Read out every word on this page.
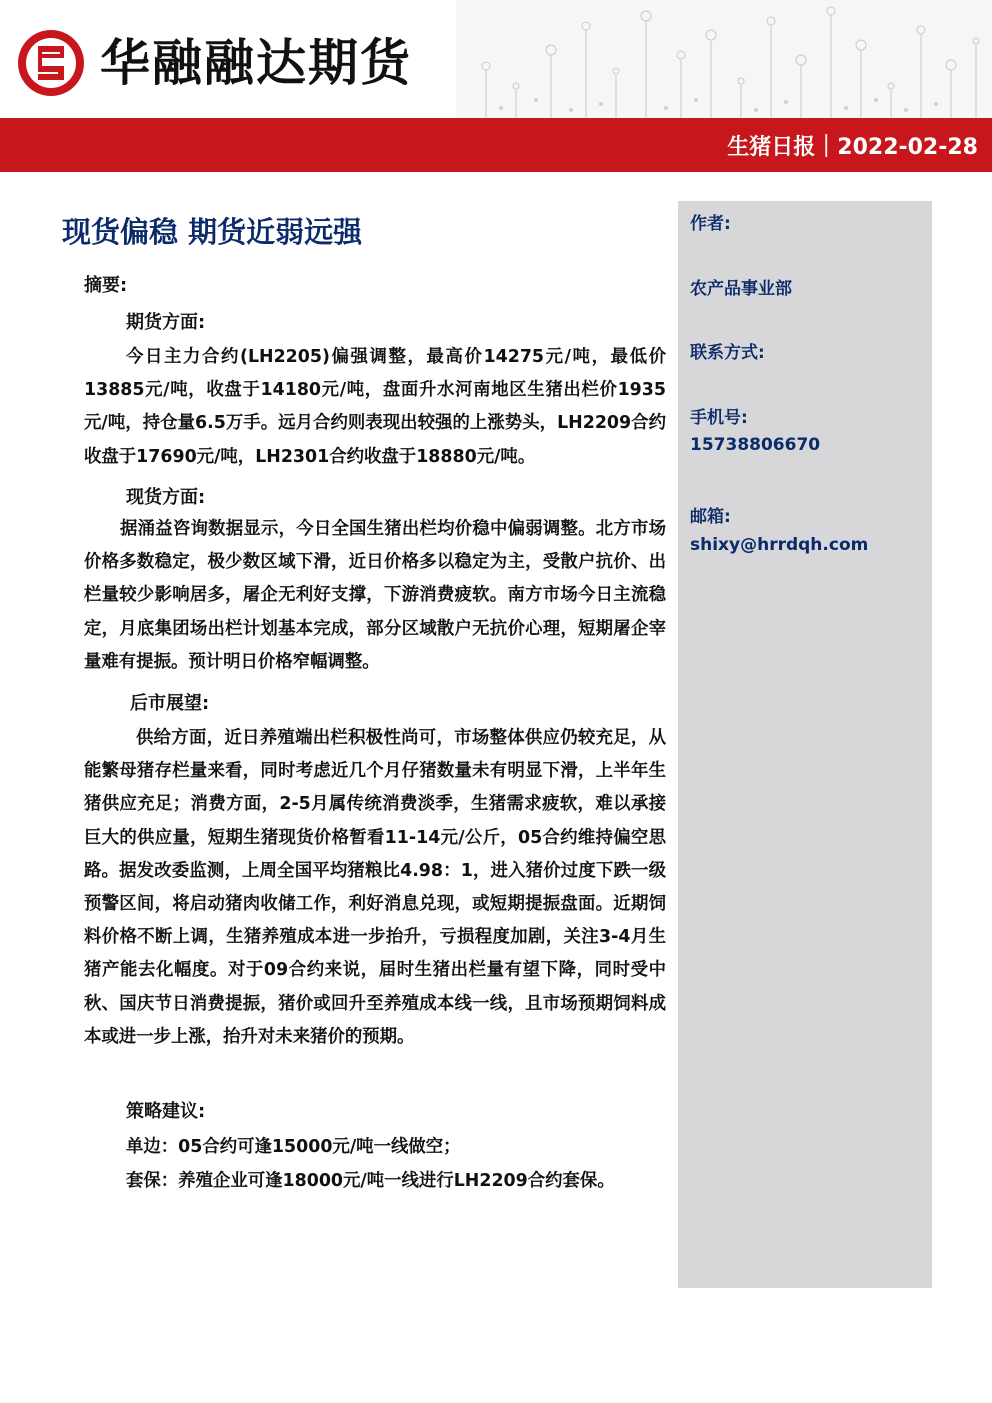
华融融达期货
生猪日报｜2022-02-28
作者:
农产品事业部
联系方式:
手机号:
15738806670
邮箱:
shixy@hrrdqh.com
现货偏稳 期货近弱远强
摘要:
期货方面:

今日主力合约(LH2205)偏强调整，最高价14275元/吨，最低价13885元/吨，收盘于14180元/吨，盘面升水河南地区生猪出栏价1935元/吨，持仓量6.5万手。远月合约则表现出较强的上涨势头，LH2209合约收盘于17690元/吨，LH2301合约收盘于18880元/吨。

现货方面:

据涌益咨询数据显示，今日全国生猪出栏均价稳中偏弱调整。北方市场价格多数稳定，极少数区域下滑，近日价格多以稳定为主，受散户抗价、出栏量较少影响居多，屠企无利好支撑，下游消费疲软。南方市场今日主流稳定，月底集团场出栏计划基本完成，部分区域散户无抗价心理，短期屠企宰量难有提振。预计明日价格窄幅调整。

后市展望:

供给方面，近日养殖端出栏积极性尚可，市场整体供应仍较充足，从能繁母猪存栏量来看，同时考虑近几个月仔猪数量未有明显下滑，上半年生猪供应充足；消费方面，2-5月属传统消费淡季，生猪需求疲软，难以承接巨大的供应量，短期生猪现货价格暂看11-14元/公斤，05合约维持偏空思路。据发改委监测，上周全国平均猪粮比4.98：1，进入猪价过度下跌一级预警区间，将启动猪肉收储工作，利好消息兑现，或短期提振盘面。近期饲料价格不断上调，生猪养殖成本进一步抬升，亏损程度加剧，关注3-4月生猪产能去化幅度。对于09合约来说，届时生猪出栏量有望下降，同时受中秋、国庆节日消费提振，猪价或回升至养殖成本线一线，且市场预期饲料成本或进一步上涨，抬升对未来猪价的预期。

策略建议:
单边：05合约可逢15000元/吨一线做空；
套保：养殖企业可逢18000元/吨一线进行LH2209合约套保。
